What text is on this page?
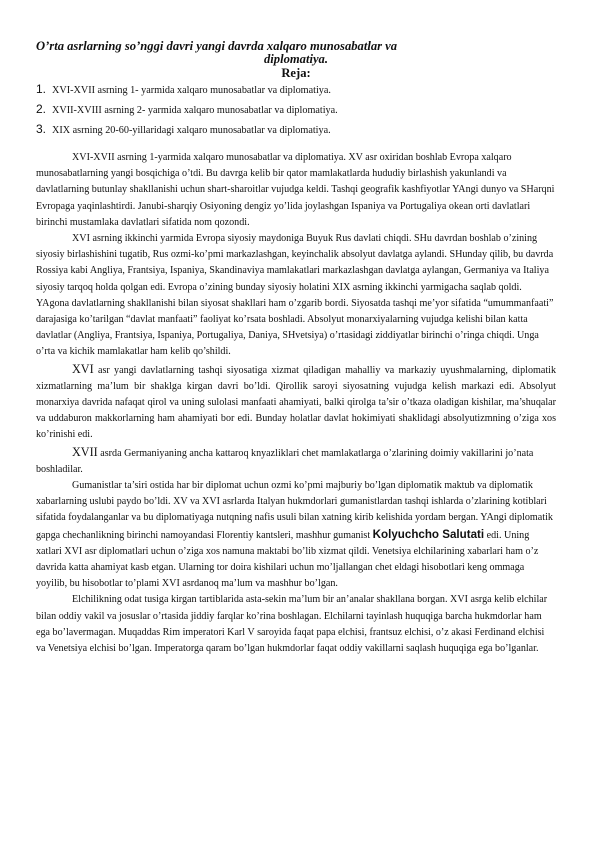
O’rta asrlarning so’nggi davri yangi davrda xalqaro munosabatlar va
diplomatiya.
Reja:
1. XVI-XVII asrning 1- yarmida xalqaro munosabatlar va diplomatiya.
2. XVII-XVIII asrning 2- yarmida xalqaro munosabatlar va diplomatiya.
3. XIX asrning 20-60-yillaridagi xalqaro munosabatlar va diplomatiya.

XVI-XVII asrning 1-yarmida xalqaro munosabatlar va diplomatiya. XV asr oxiridan boshlab Evropa xalqaro munosabatlarning yangi bosqichiga o’tdi. Bu davrga kelib bir qator mamlakatlarda hududiy birlashish yakunlandi va davlatlarning butunlay shakllanishi uchun shart-sharoitlar vujudga keldi. Tashqi geografik kashfiyotlar YAngi dunyo va SHarqni Evropaga yaqinlashtirdi. Janubi-sharqiy Osiyoning dengiz yo’lida joylashgan Ispaniya va Portugaliya okean orti davlatlari birinchi mustamlaka davlatlari sifatida nom qozondi.

XVI asrning ikkinchi yarmida Evropa siyosiy maydoniga Buyuk Rus davlati chiqdi. SHu davrdan boshlab o’zining siyosiy birlashishini tugatib, Rus ozmi-ko’pmi markazlashgan, keyinchalik absolyut davlatga aylandi. SHunday qilib, bu davrda Rossiya kabi Angliya, Frantsiya, Ispaniya, Skandinaviya mamlakatlari markazlashgan davlatga aylangan, Germaniya va Italiya siyosiy tarqoq holda qolgan edi. Evropa o’zining bunday siyosiy holatini XIX asrning ikkinchi yarmigacha saqlab qoldi. YAgona davlatlarning shakllanishi bilan siyosat shakllari ham o’zgarib bordi. Siyosatda tashqi me’yor sifatida “umummanfaati” darajasiga ko’tarilgan “davlat manfaati” faoliyat ko’rsata boshladi. Absolyut monarxiyalarning vujudga kelishi bilan katta davlatlar (Angliya, Frantsiya, Ispaniya, Portugaliya, Daniya, SHvetsiya) o’rtasidagi ziddiyatlar birinchi o’ringa chiqdi. Unga o’rta va kichik mamlakatlar ham kelib qo’shildi.

XVI asr yangi davlatlarning tashqi siyosatiga xizmat qiladigan mahalliy va markaziy uyushmalarning, diplomatik xizmatlarning ma’lum bir shaklga kirgan davri bo’ldi. Qirollik saroyi siyosatning vujudga kelish markazi edi. Absolyut monarxiya davrida nafaqat qirol va uning sulolasi manfaati ahamiyati, balki qirolga ta’sir o’tkaza oladigan kishilar, ma’shuqalar va uddaburon makkorlarning ham ahamiyati bor edi. Bunday holatlar davlat hokimiyati shaklidagi absolyutizmning o’ziga xos ko’rinishi edi.

XVII asrda Germaniyaning ancha kattaroq knyazliklari chet mamlakatlarga o’zlarining doimiy vakillarini jo’nata boshladilar.

Gumanistlar ta’siri ostida har bir diplomat uchun ozmi ko’pmi majburiy bo’lgan diplomatik maktub va diplomatik xabarlarning uslubi paydo bo’ldi. XV va XVI asrlarda Italyan hukmdorlari gumanistlardan tashqi ishlarda o’zlarining kotiblari sifatida foydalanganlar va bu diplomatiyaga nutqning nafis usuli bilan xatning kirib kelishida yordam bergan. YAngi diplomatik gapga chechanlikning birinchi namoyandasi Florentiy kantsleri, mashhur gumanist Kolyuchcho Salutati edi. Uning xatlari XVI asr diplomatlari uchun o’ziga xos namuna maktabi bo’lib xizmat qildi. Venetsiya elchilarining xabarlari ham o’z davrida katta ahamiyat kasb etgan. Ularning tor doira kishilari uchun mo’ljallangan chet eldagi hisobotlari keng ommaga yoyilib, bu hisobotlar to’plami XVI asrdanoq ma’lum va mashhur bo’lgan.

Elchilikning odat tusiga kirgan tartiblarida asta-sekin ma’lum bir an’analar shakllana borgan. XVI asrga kelib elchilar bilan oddiy vakil va josuslar o’rtasida jiddiy farqlar ko’rina boshlagan. Elchilarni tayinlash huquqiga barcha hukmdorlar ham ega bo’lavermagan. Muqaddas Rim imperatori Karl V saroyida faqat papa elchisi, frantsuz elchisi, o’z akasi Ferdinand elchisi va Venetsiya elchisi bo’lgan. Imperatorga qaram bo’lgan hukmdorlar faqat oddiy vakillarni saqlash huquqiga ega bo’lganlar.
